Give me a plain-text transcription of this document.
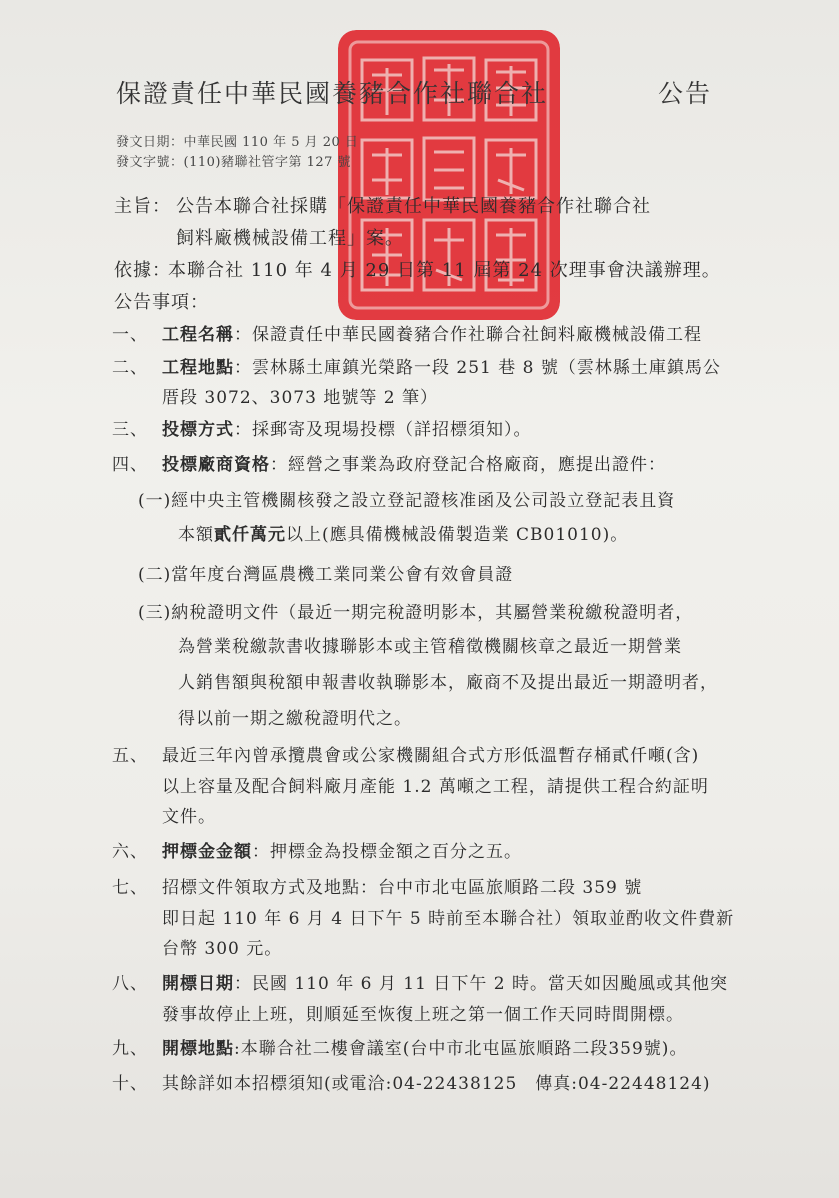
保證責任中華民國養豬合作社聯合社	公告
發文日期：中華民國 110 年 5 月 20 日
發文字號：(110)豬聯社管字第 127 號
主旨： 公告本聯合社採購「保證責任中華民國養豬合作社聯合社
飼料廠機械設備工程」案。
依據：
本聯合社 110 年 4 月 29 日第 11 屆第 24 次理事會決議辦理。
公告事項：
一、 工程名稱：保證責任中華民國養豬合作社聯合社飼料廠機械設備工程
二、 工程地點：雲林縣土庫鎮光榮路一段 251 巷 8 號（雲林縣土庫鎮馬公
厝段 3072、3073 地號等 2 筆）
三、 投標方式：採郵寄及現場投標（詳招標須知）。
四、 投標廠商資格：經營之事業為政府登記合格廠商，應提出證件：
(一)經中央主管機關核發之設立登記證核准函及公司設立登記表且資
本額貳仟萬元以上(應具備機械設備製造業 CB01010)。
(二)當年度台灣區農機工業同業公會有效會員證
(三)納稅證明文件（最近一期完稅證明影本，其屬營業稅繳稅證明者，
為營業稅繳款書收據聯影本或主管稽徵機關核章之最近一期營業
人銷售額與稅額申報書收執聯影本，廠商不及提出最近一期證明者，
得以前一期之繳稅證明代之。
五、 最近三年內曾承攬農會或公家機關組合式方形低溫暫存桶貳仟噸(含)
以上容量及配合飼料廠月產能 1.2 萬噸之工程，請提供工程合約証明
文件。
六、 押標金金額：押標金為投標金額之百分之五。
七、 招標文件領取方式及地點：台中市北屯區旅順路二段 359 號
即日起 110 年 6 月 4 日下午 5 時前至本聯合社）領取並酌收文件費新
台幣 300 元。
八、 開標日期：民國 110 年 6 月 11 日下午 2 時。當天如因颱風或其他突
發事故停止上班，則順延至恢復上班之第一個工作天同時間開標。
九、 開標地點:本聯合社二樓會議室(台中市北屯區旅順路二段359號)。
十、 其餘詳如本招標須知(或電洽:04-22438125　傳真:04-22448124)
